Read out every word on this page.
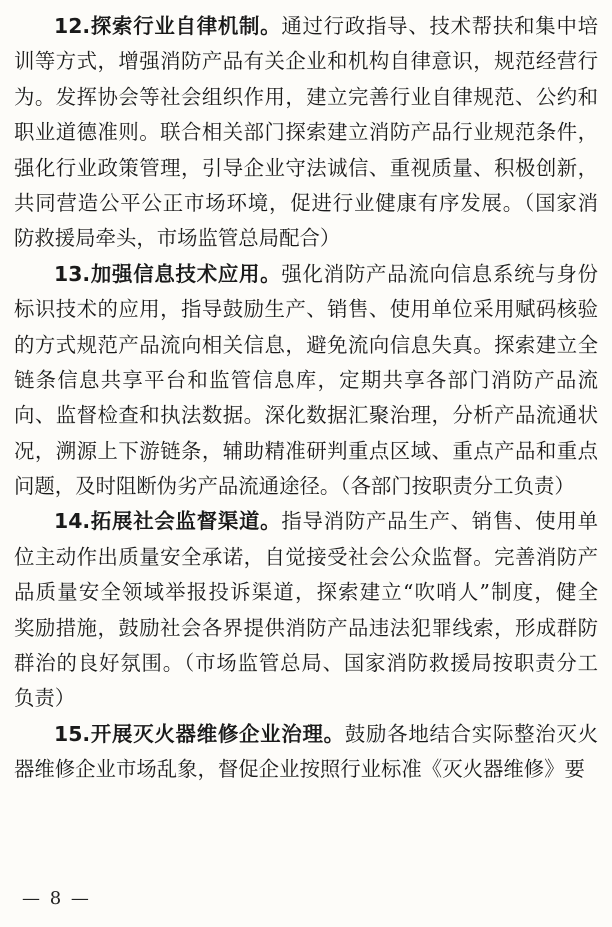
12.探索行业自律机制。通过行政指导、技术帮扶和集中培
训等方式，增强消防产品有关企业和机构自律意识，规范经营行
为。发挥协会等社会组织作用，建立完善行业自律规范、公约和
职业道德准则。联合相关部门探索建立消防产品行业规范条件，
强化行业政策管理，引导企业守法诚信、重视质量、积极创新，
共同营造公平公正市场环境，促进行业健康有序发展。（国家消
防救援局牵头，市场监管总局配合）
13.加强信息技术应用。强化消防产品流向信息系统与身份
标识技术的应用，指导鼓励生产、销售、使用单位采用赋码核验
的方式规范产品流向相关信息，避免流向信息失真。探索建立全
链条信息共享平台和监管信息库，定期共享各部门消防产品流
向、监督检查和执法数据。深化数据汇聚治理，分析产品流通状
况，溯源上下游链条，辅助精准研判重点区域、重点产品和重点
问题，及时阻断伪劣产品流通途径。（各部门按职责分工负责）
14.拓展社会监督渠道。指导消防产品生产、销售、使用单
位主动作出质量安全承诺，自觉接受社会公众监督。完善消防产
品质量安全领域举报投诉渠道，探索建立“吹哨人”制度，健全
奖励措施，鼓励社会各界提供消防产品违法犯罪线索，形成群防
群治的良好氛围。（市场监管总局、国家消防救援局按职责分工
负责）
15.开展灭火器维修企业治理。鼓励各地结合实际整治灭火
器维修企业市场乱象，督促企业按照行业标准《灭火器维修》要
— 8 —
